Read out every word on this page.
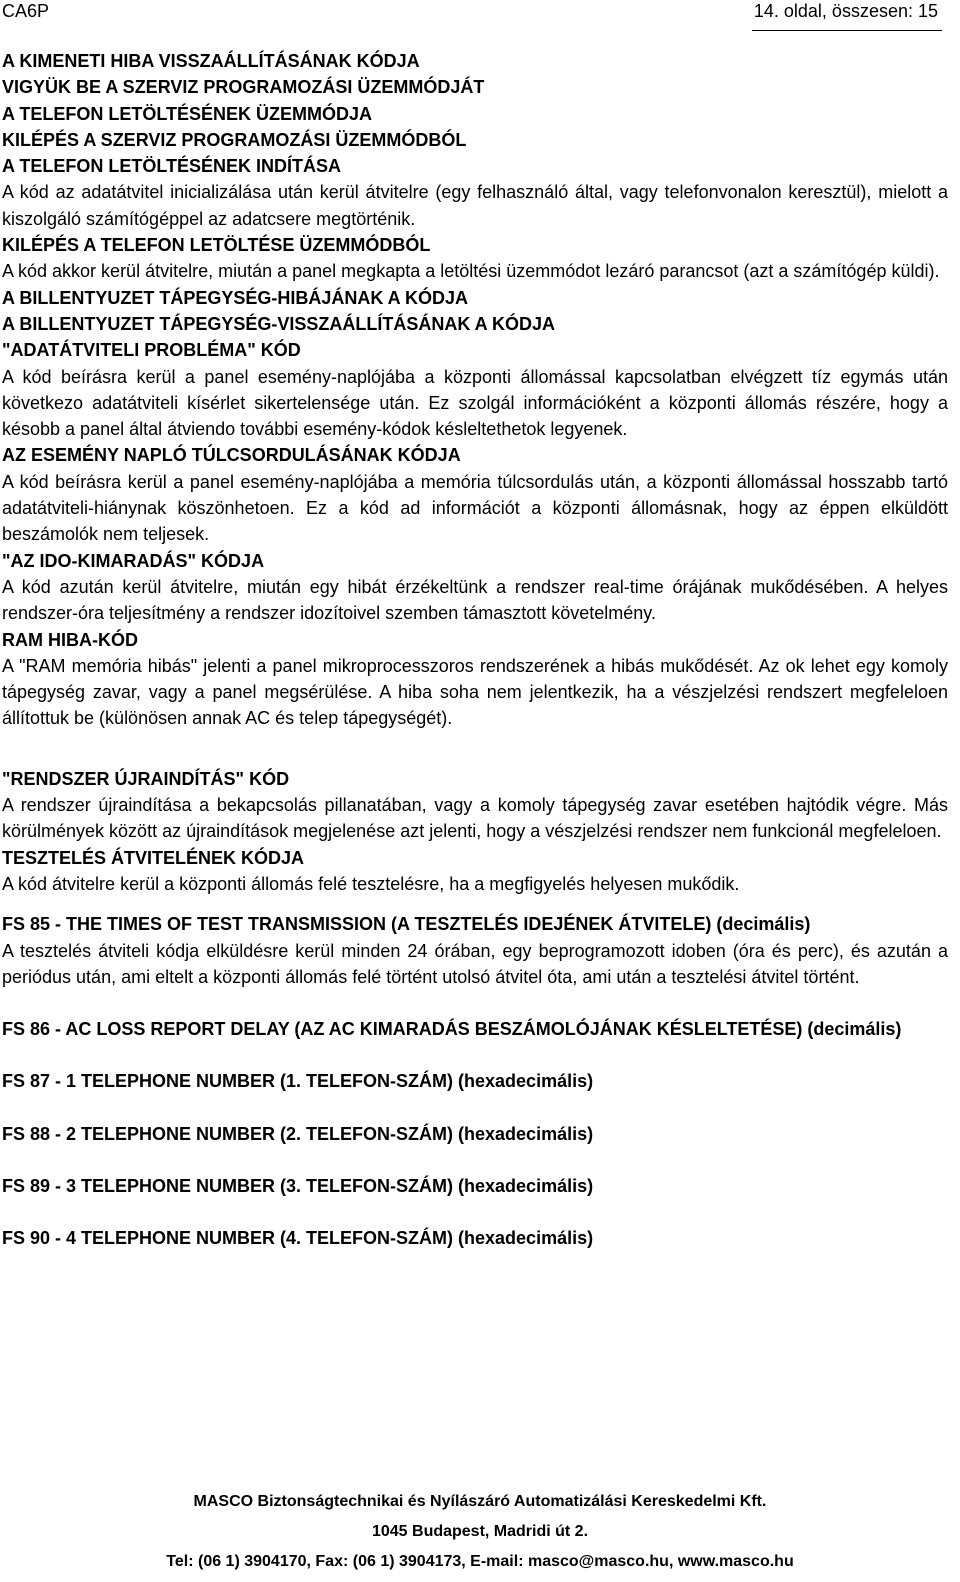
CA6P	14. oldal, összesen: 15

A KIMENETI HIBA VISSZAÁLLÍTÁSÁNAK KÓDJA

VIGYÜK BE A SZERVIZ PROGRAMOZÁSI ÜZEMMÓDJÁT

A TELEFON LETÖLTÉSÉNEK ÜZEMMÓDJA

KILÉPÉS A SZERVIZ PROGRAMOZÁSI ÜZEMMÓDBÓL

A TELEFON LETÖLTÉSÉNEK INDÍTÁSA

A kód az adatátvitel inicializálása után kerül átvitelre (egy felhasználó által, vagy telefonvonalon keresztül), mielott a kiszolgáló számítógéppel az adatcsere megtörténik.

KILÉPÉS A TELEFON LETÖLTÉSE ÜZEMMÓDBÓL

A kód akkor kerül átvitelre, miután a panel megkapta a letöltési üzemmódot lezáró parancsot (azt a számítógép küldi).

A BILLENTYUZET TÁPEGYSÉG-HIBÁJÁNAK A KÓDJA

A BILLENTYUZET TÁPEGYSÉG-VISSZAÁLLÍTÁSÁNAK A KÓDJA

"ADATÁTVITELI PROBLÉMA" KÓD

A kód beírásra kerül a panel esemény-naplójába a központi állomással kapcsolatban elvégzett tíz egymás után következo adatátviteli kísérlet sikertelensége után. Ez szolgál információként a központi állomás részére, hogy a késobb a panel által átviendo további esemény-kódok késleltethetok legyenek.

AZ ESEMÉNY NAPLÓ TÚLCSORDULÁSÁNAK KÓDJA

A kód beírásra kerül a panel esemény-naplójába a memória túlcsordulás után, a központi állomással hosszabb tartó adatátviteli-hiánynak köszönhetoen. Ez a kód ad információt a központi állomásnak, hogy az éppen elküldött beszámolók nem teljesek.

"AZ IDO-KIMARADÁS" KÓDJA

A kód azután kerül átvitelre, miután egy hibát érzékeltünk a rendszer real-time órájának mukődésében. A helyes rendszer-óra teljesítmény a rendszer idozítoivel szemben támasztott követelmény.

RAM HIBA-KÓD

A "RAM memória hibás" jelenti a panel mikroprocesszoros rendszerének a hibás mukődését. Az ok lehet egy komoly tápegység zavar, vagy a panel megsérülése. A hiba soha nem jelentkezik, ha a vészjelzési rendszert megfeleloen állítottuk be (különösen annak AC és telep tápegységét).

"RENDSZER ÚJRAINDÍTÁS" KÓD

A rendszer újraindítása a bekapcsolás pillanatában, vagy a komoly tápegység zavar esetében hajtódik végre. Más körülmények között az újraindítások megjelenése azt jelenti, hogy a vészjelzési rendszer nem funkcionál megfeleloen.

TESZTELÉS ÁTVITELÉNEK KÓDJA

A kód átvitelre kerül a központi állomás felé tesztelésre, ha a megfigyelés helyesen mukődik.

FS 85 - THE TIMES OF TEST TRANSMISSION (A TESZTELÉS IDEJÉNEK ÁTVITELE) (decimális)

A tesztelés átviteli kódja elküldésre kerül minden 24 órában, egy beprogramozott idoben (óra és perc), és azután a periódus után, ami eltelt a központi állomás felé történt utolsó átvitel óta, ami után a tesztelési átvitel történt.

FS 86 - AC LOSS REPORT DELAY (AZ AC KIMARADÁS BESZÁMOLÓJÁNAK KÉSLELTETÉSE) (decimális)

FS 87 - 1 TELEPHONE NUMBER (1. TELEFON-SZÁM) (hexadecimális)

FS 88 - 2 TELEPHONE NUMBER (2. TELEFON-SZÁM) (hexadecimális)

FS 89 - 3 TELEPHONE NUMBER (3. TELEFON-SZÁM) (hexadecimális)

FS 90 - 4 TELEPHONE NUMBER (4. TELEFON-SZÁM) (hexadecimális)

MASCO Biztonságtechnikai és Nyílászáró Automatizálási Kereskedelmi Kft.
1045 Budapest, Madridi út 2.
Tel: (06 1) 3904170, Fax: (06 1) 3904173, E-mail: masco@masco.hu, www.masco.hu
